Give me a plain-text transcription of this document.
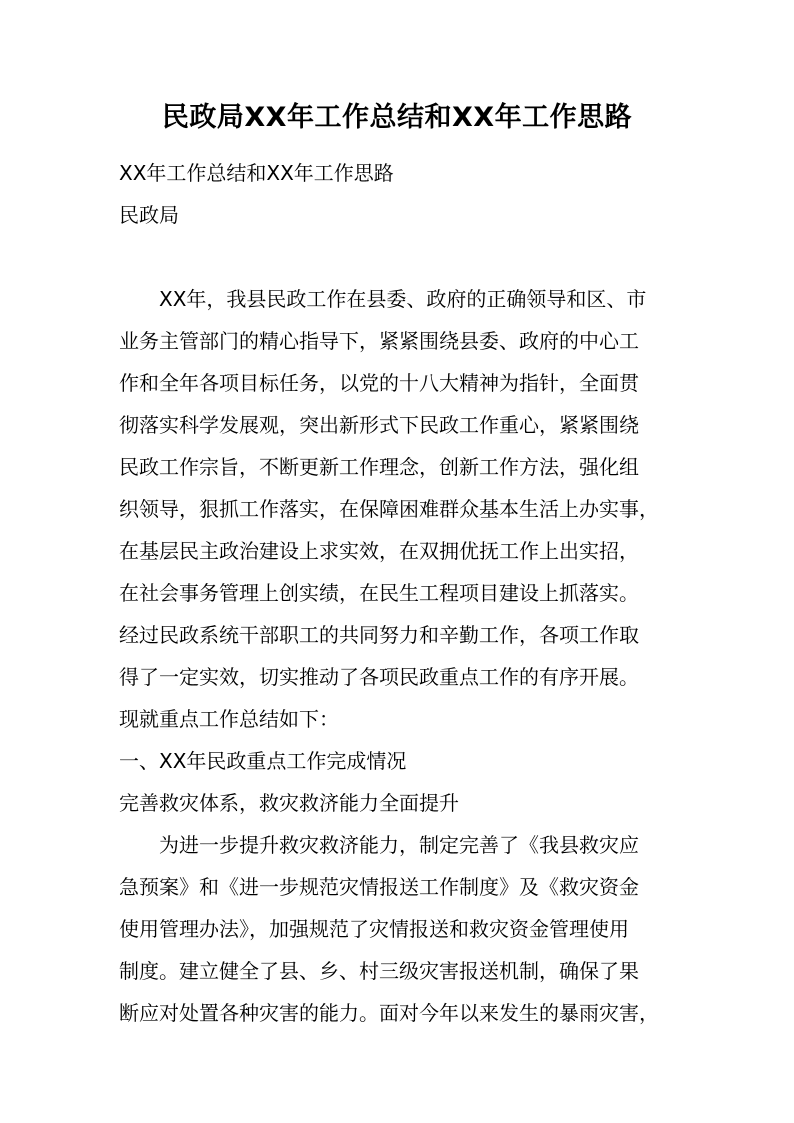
民政局XX年工作总结和XX年工作思路
XX年工作总结和XX年工作思路
民政局
XX年，我县民政工作在县委、政府的正确领导和区、市
业务主管部门的精心指导下，紧紧围绕县委、政府的中心工
作和全年各项目标任务，以党的十八大精神为指针，全面贯
彻落实科学发展观，突出新形式下民政工作重心，紧紧围绕
民政工作宗旨，不断更新工作理念，创新工作方法，强化组
织领导，狠抓工作落实，在保障困难群众基本生活上办实事，
在基层民主政治建设上求实效，在双拥优抚工作上出实招，
在社会事务管理上创实绩，在民生工程项目建设上抓落实。
经过民政系统干部职工的共同努力和辛勤工作，各项工作取
得了一定实效，切实推动了各项民政重点工作的有序开展。
现就重点工作总结如下：
一、XX年民政重点工作完成情况
完善救灾体系，救灾救济能力全面提升
为进一步提升救灾救济能力，制定完善了《我县救灾应
急预案》和《进一步规范灾情报送工作制度》及《救灾资金
使用管理办法》，加强规范了灾情报送和救灾资金管理使用
制度。建立健全了县、乡、村三级灾害报送机制，确保了果
断应对处置各种灾害的能力。面对今年以来发生的暴雨灾害，
